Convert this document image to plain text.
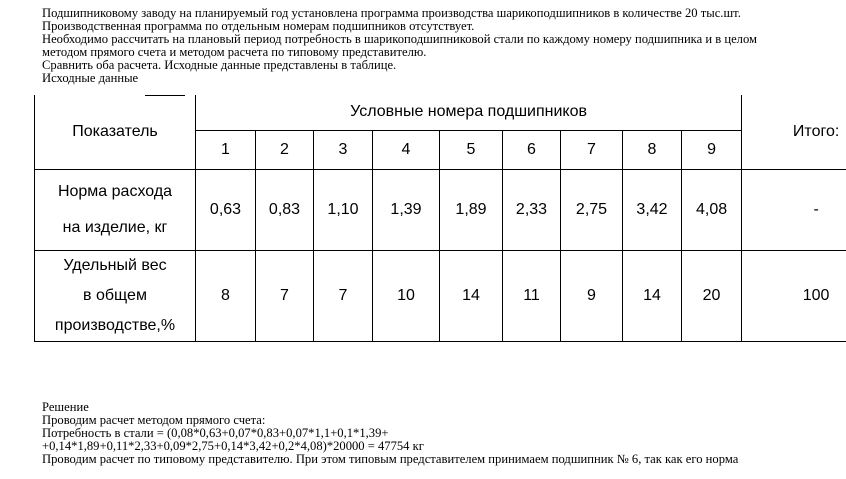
Подшипниковому заводу на планируемый год установлена программа производства шарикоподшипников в количестве 20 тыс.шт.

Производственная программа по отдельным номерам подшипников отсутствует.

Необходимо рассчитать на плановый период потребность в шарикоподшипниковой стали по каждому номеру подшипника и в целом

методом прямого счета и методом расчета по типовому представителю.

Сравнить оба расчета. Исходные данные представлены в таблице.

Исходные данные

Показатель	Условные номера подшипников									Итого:
	1	2	3	4	5	6	7	8	9	

Норма расхода
на изделие, кг	0,63	0,83	1,10	1,39	1,89	2,33	2,75	3,42	4,08	-

Удельный вес
в общем
производстве,%	8	7	7	10	14	11	9	14	20	100

Решение

Проводим расчет методом прямого счета:

Потребность в стали = (0,08*0,63+0,07*0,83+0,07*1,1+0,1*1,39+

+0,14*1,89+0,11*2,33+0,09*2,75+0,14*3,42+0,2*4,08)*20000 = 47754 кг

Проводим расчет по типовому представителю. При этом типовым представителем принимаем подшипник № 6, так как его норма
